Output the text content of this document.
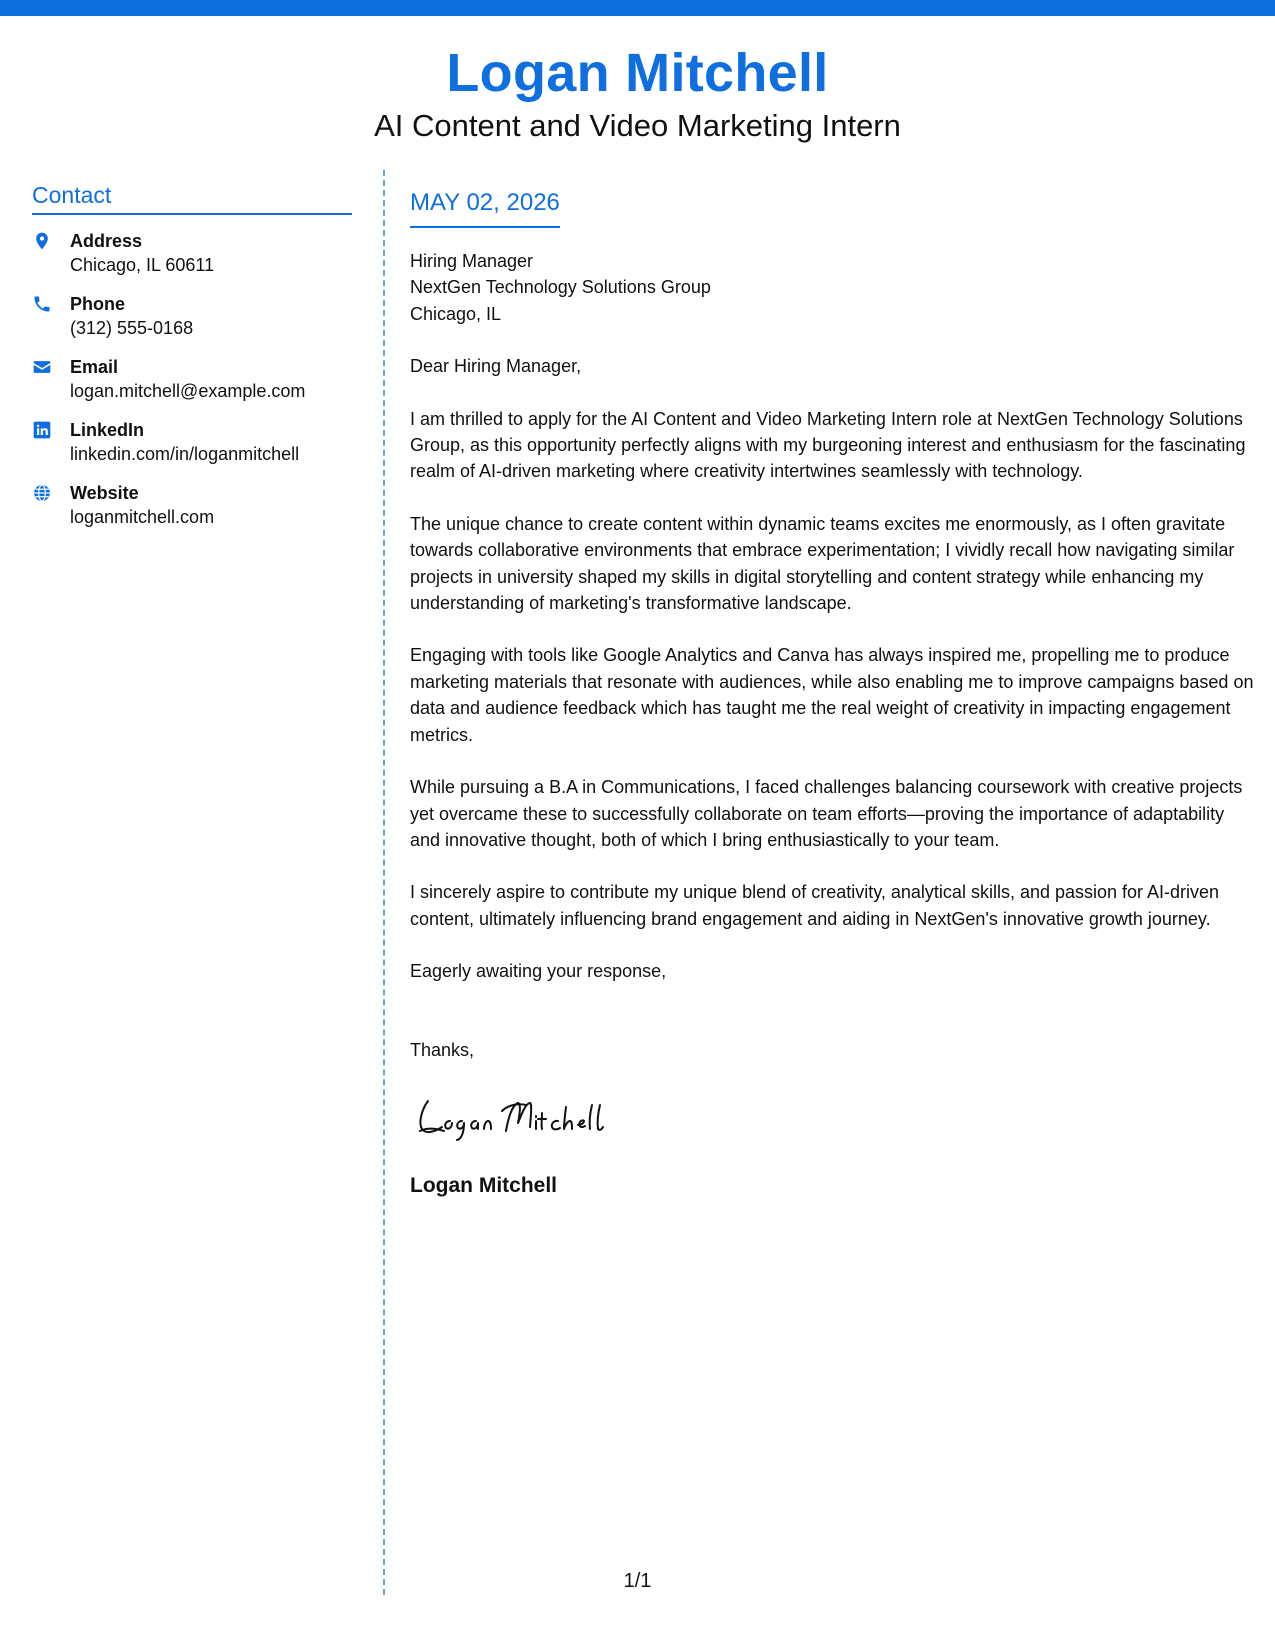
Logan Mitchell
AI Content and Video Marketing Intern
Contact
Address
Chicago, IL 60611
Phone
(312) 555-0168
Email
logan.mitchell@example.com
LinkedIn
linkedin.com/in/loganmitchell
Website
loganmitchell.com
MAY 02, 2026
Hiring Manager
NextGen Technology Solutions Group
Chicago, IL
Dear Hiring Manager,
I am thrilled to apply for the AI Content and Video Marketing Intern role at NextGen Technology Solutions Group, as this opportunity perfectly aligns with my burgeoning interest and enthusiasm for the fascinating realm of AI-driven marketing where creativity intertwines seamlessly with technology.
The unique chance to create content within dynamic teams excites me enormously, as I often gravitate towards collaborative environments that embrace experimentation; I vividly recall how navigating similar projects in university shaped my skills in digital storytelling and content strategy while enhancing my understanding of marketing's transformative landscape.
Engaging with tools like Google Analytics and Canva has always inspired me, propelling me to produce marketing materials that resonate with audiences, while also enabling me to improve campaigns based on data and audience feedback which has taught me the real weight of creativity in impacting engagement metrics.
While pursuing a B.A in Communications, I faced challenges balancing coursework with creative projects yet overcame these to successfully collaborate on team efforts—proving the importance of adaptability and innovative thought, both of which I bring enthusiastically to your team.
I sincerely aspire to contribute my unique blend of creativity, analytical skills, and passion for AI-driven content, ultimately influencing brand engagement and aiding in NextGen's innovative growth journey.
Eagerly awaiting your response,
Thanks,
Logan Mitchell
1/1
